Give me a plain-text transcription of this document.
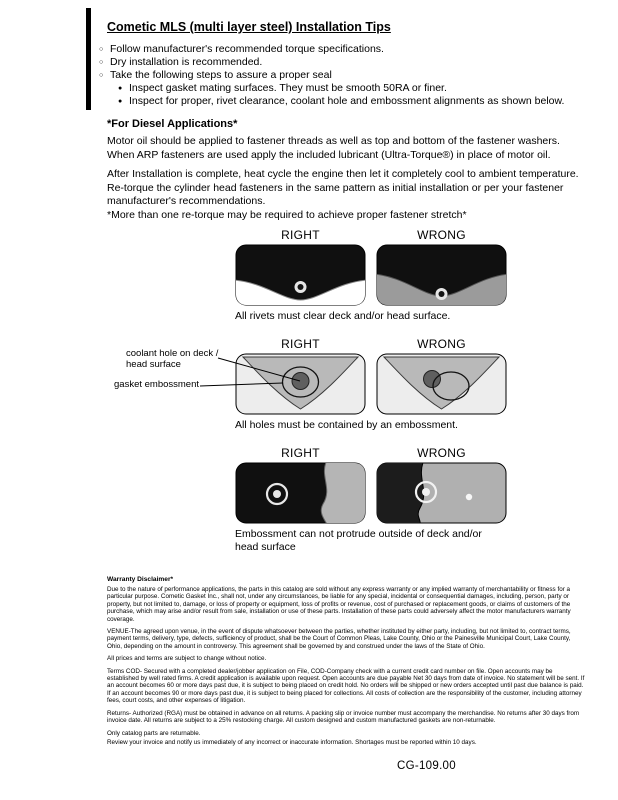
Cometic MLS (multi layer steel) Installation Tips
○ Follow manufacturer's recommended torque specifications.
○ Dry installation is recommended.
○ Take the following steps to assure a proper seal
● Inspect gasket mating surfaces. They must be smooth 50RA or finer.
● Inspect for proper, rivet clearance, coolant hole and embossment alignments as shown below.
*For Diesel Applications*

Motor oil should be applied to fastener threads as well as top and bottom of the fastener washers. When ARP fasteners are used apply the included lubricant (Ultra-Torque®) in place of motor oil.

After Installation is complete, heat cycle the engine then let it completely cool to ambient temperature. Re-torque the cylinder head fasteners in the same pattern as initial installation or per your fastener manufacturer's recommendations.

*More than one re-torque may be required to achieve proper fastener stretch*

RIGHT	WRONG
All rivets must clear deck and/or head surface.
RIGHT	WRONG
All holes must be contained by an embossment.
RIGHT	WRONG
Embossment can not protrude outside of deck and/or head surface
coolant hole on deck / head surface
gasket embossment
Warranty Disclaimer*

Due to the nature of performance applications, the parts in this catalog are sold without any express warranty or any implied warranty of merchantability or fitness for a particular purpose. Cometic Gasket Inc., shall not, under any circumstances, be liable for any special, incidental or consequential damages, including, person, party or property, but not limited to, damage, or loss of property or equipment, loss of profits or revenue, cost of purchased or replacement goods, or claims of customers of the purchase, which may arise and/or result from sale, installation or use of these parts. Installation of these parts could adversely affect the motor manufacturers warranty coverage.

VENUE-The agreed upon venue, in the event of dispute whatsoever between the parties, whether instituted by either party, including, but not limited to, contract terms, payment terms, delivery, type, defects, sufficiency of product, shall be the Court of Common Pleas, Lake County, Ohio or the Painesville Municipal Court, Lake County, Ohio, depending on the amount in controversy. This agreement shall be governed by and construed under the laws of the State of Ohio.

All prices and terms are subject to change without notice.

Terms COD- Secured with a completed dealer/jobber application on File, COD-Company check with a current credit card number on file. Open accounts may be established by well rated firms. A credit application is available upon request. Open accounts are due payable Net 30 days from date of invoice. No statement will be sent. If an account becomes 60 or more days past due, it is subject to being placed on credit hold. No orders will be shipped or new orders accepted until past due balance is paid. If an account becomes 90 or more days past due, it is subject to being placed for collections. All costs of collection are the responsibility of the customer, including attorney fees, court costs, and other expenses of litigation.

Returns- Authorized (RGA) must be obtained in advance on all returns. A packing slip or invoice number must accompany the merchandise. No returns after 30 days from invoice date. All returns are subject to a 25% restocking charge. All custom designed and custom manufactured gaskets are non-returnable.

Only catalog parts are returnable.

Review your invoice and notify us immediately of any incorrect or inaccurate information. Shortages must be reported within 10 days.

CG-109.00
